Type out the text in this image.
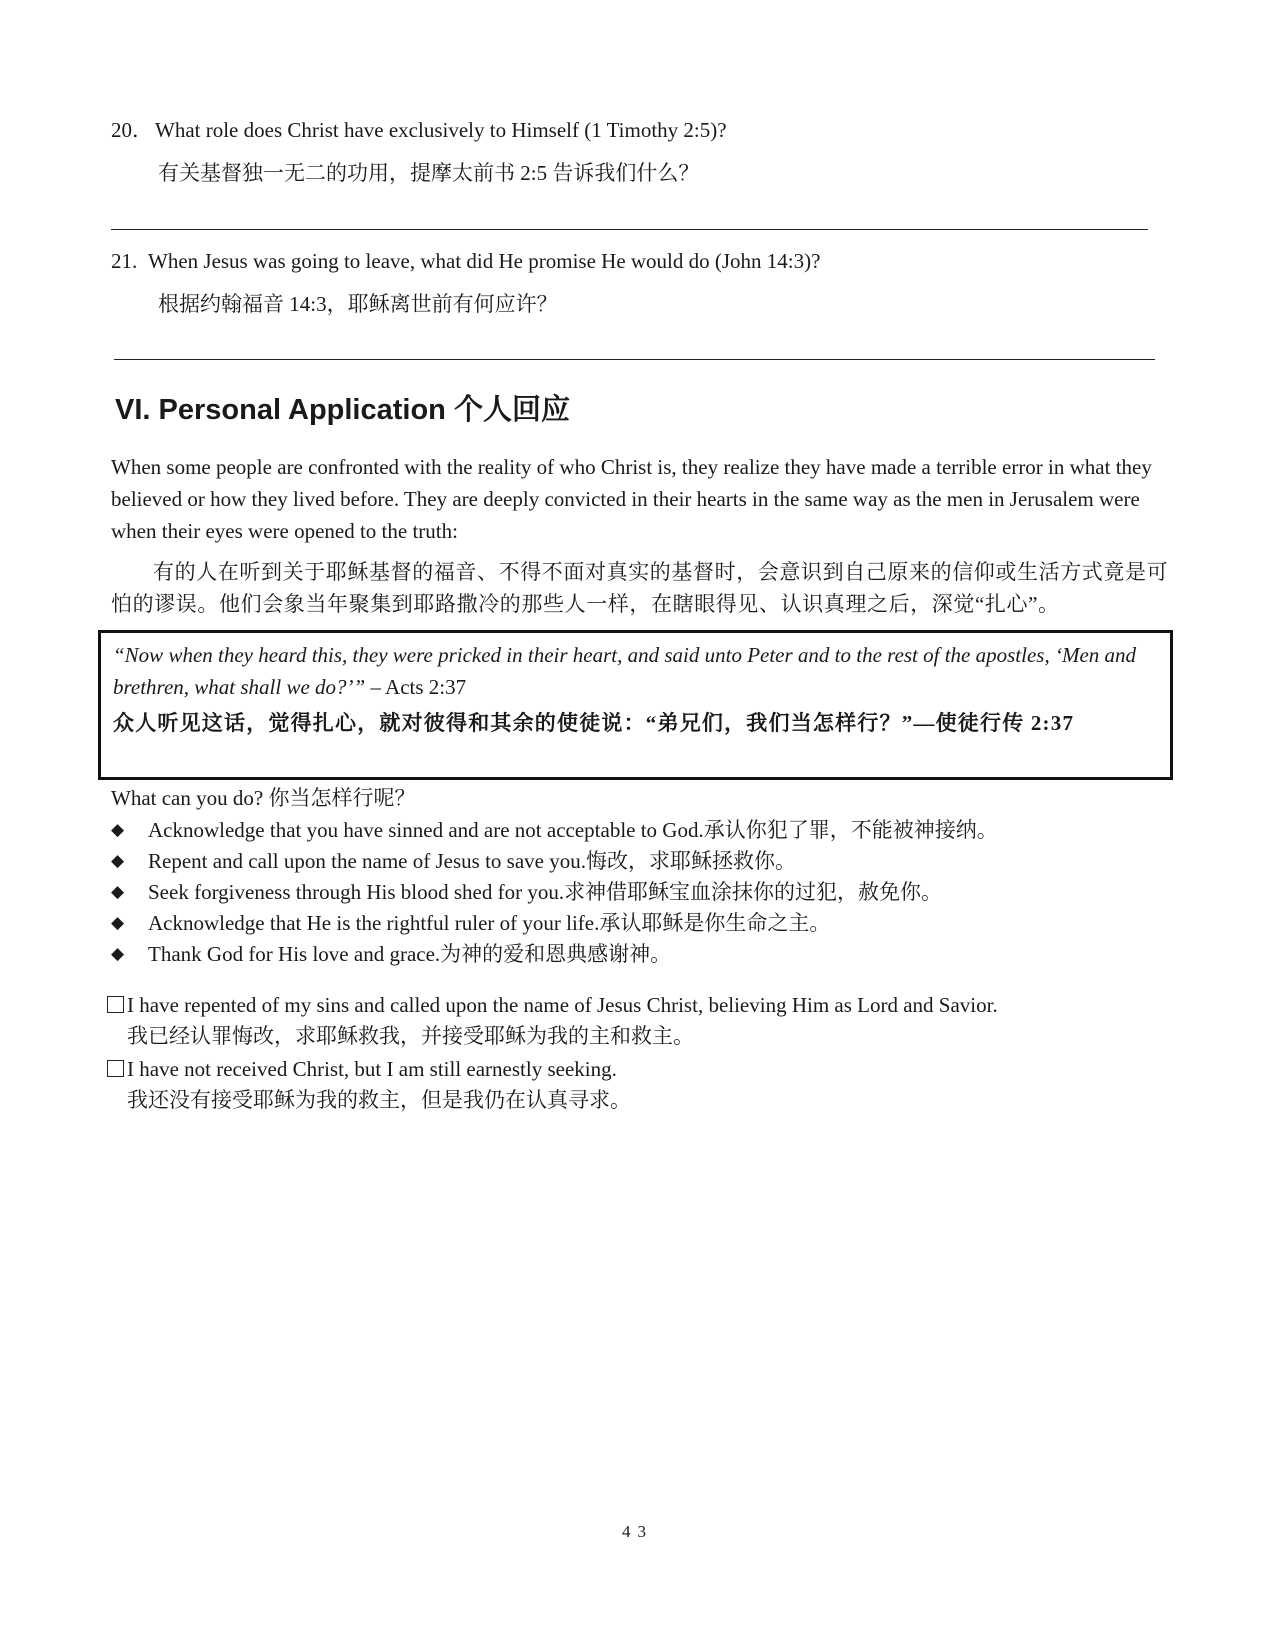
20．What role does Christ have exclusively to Himself (1 Timothy 2:5)?
有关基督独一无二的功用，提摩太前书 2:5 告诉我们什么？
21. When Jesus was going to leave, what did He promise He would do (John 14:3)?
根据约翰福音 14:3，耶稣离世前有何应许？
VI. Personal Application 个人回应
When some people are confronted with the reality of who Christ is, they realize they have made a terrible error in what they believed or how they lived before. They are deeply convicted in their hearts in the same way as the men in Jerusalem were when their eyes were opened to the truth:
有的人在听到关于耶稣基督的福音、不得不面对真实的基督时，会意识到自己原来的信仰或生活方式竟是可怕的谬误。他们会象当年聚集到耶路撒冷的那些人一样，在瞎眼得见、认识真理之后，深觉“扎心”。
“Now when they heard this, they were pricked in their heart, and said unto Peter and to the rest of the apostles, ‘Men and brethren, what shall we do?’” – Acts 2:37
众人听见这话，觉得扎心，就对彼得和其余的使徒说：“弟兄们，我们当怎样行？”—使徒行传 2:37
What can you do? 你当怎样行呢？
◆ Acknowledge that you have sinned and are not acceptable to God.承认你犯了罪，不能被神接纳。
◆ Repent and call upon the name of Jesus to save you.悔改，求耶稣拯救你。
◆ Seek forgiveness through His blood shed for you.求神借耶稣宝血涂抹你的过犯，赦免你。
◆ Acknowledge that He is the rightful ruler of your life.承认耶稣是你生命之主。
◆ Thank God for His love and grace.为神的爱和恩典感谢神。
I have repented of my sins and called upon the name of Jesus Christ, believing Him as Lord and Savior.
我已经认罪悔改，求耶稣救我，并接受耶稣为我的主和救主。
I have not received Christ, but I am still earnestly seeking.
我还没有接受耶稣为我的救主，但是我仍在认真寻求。
43
